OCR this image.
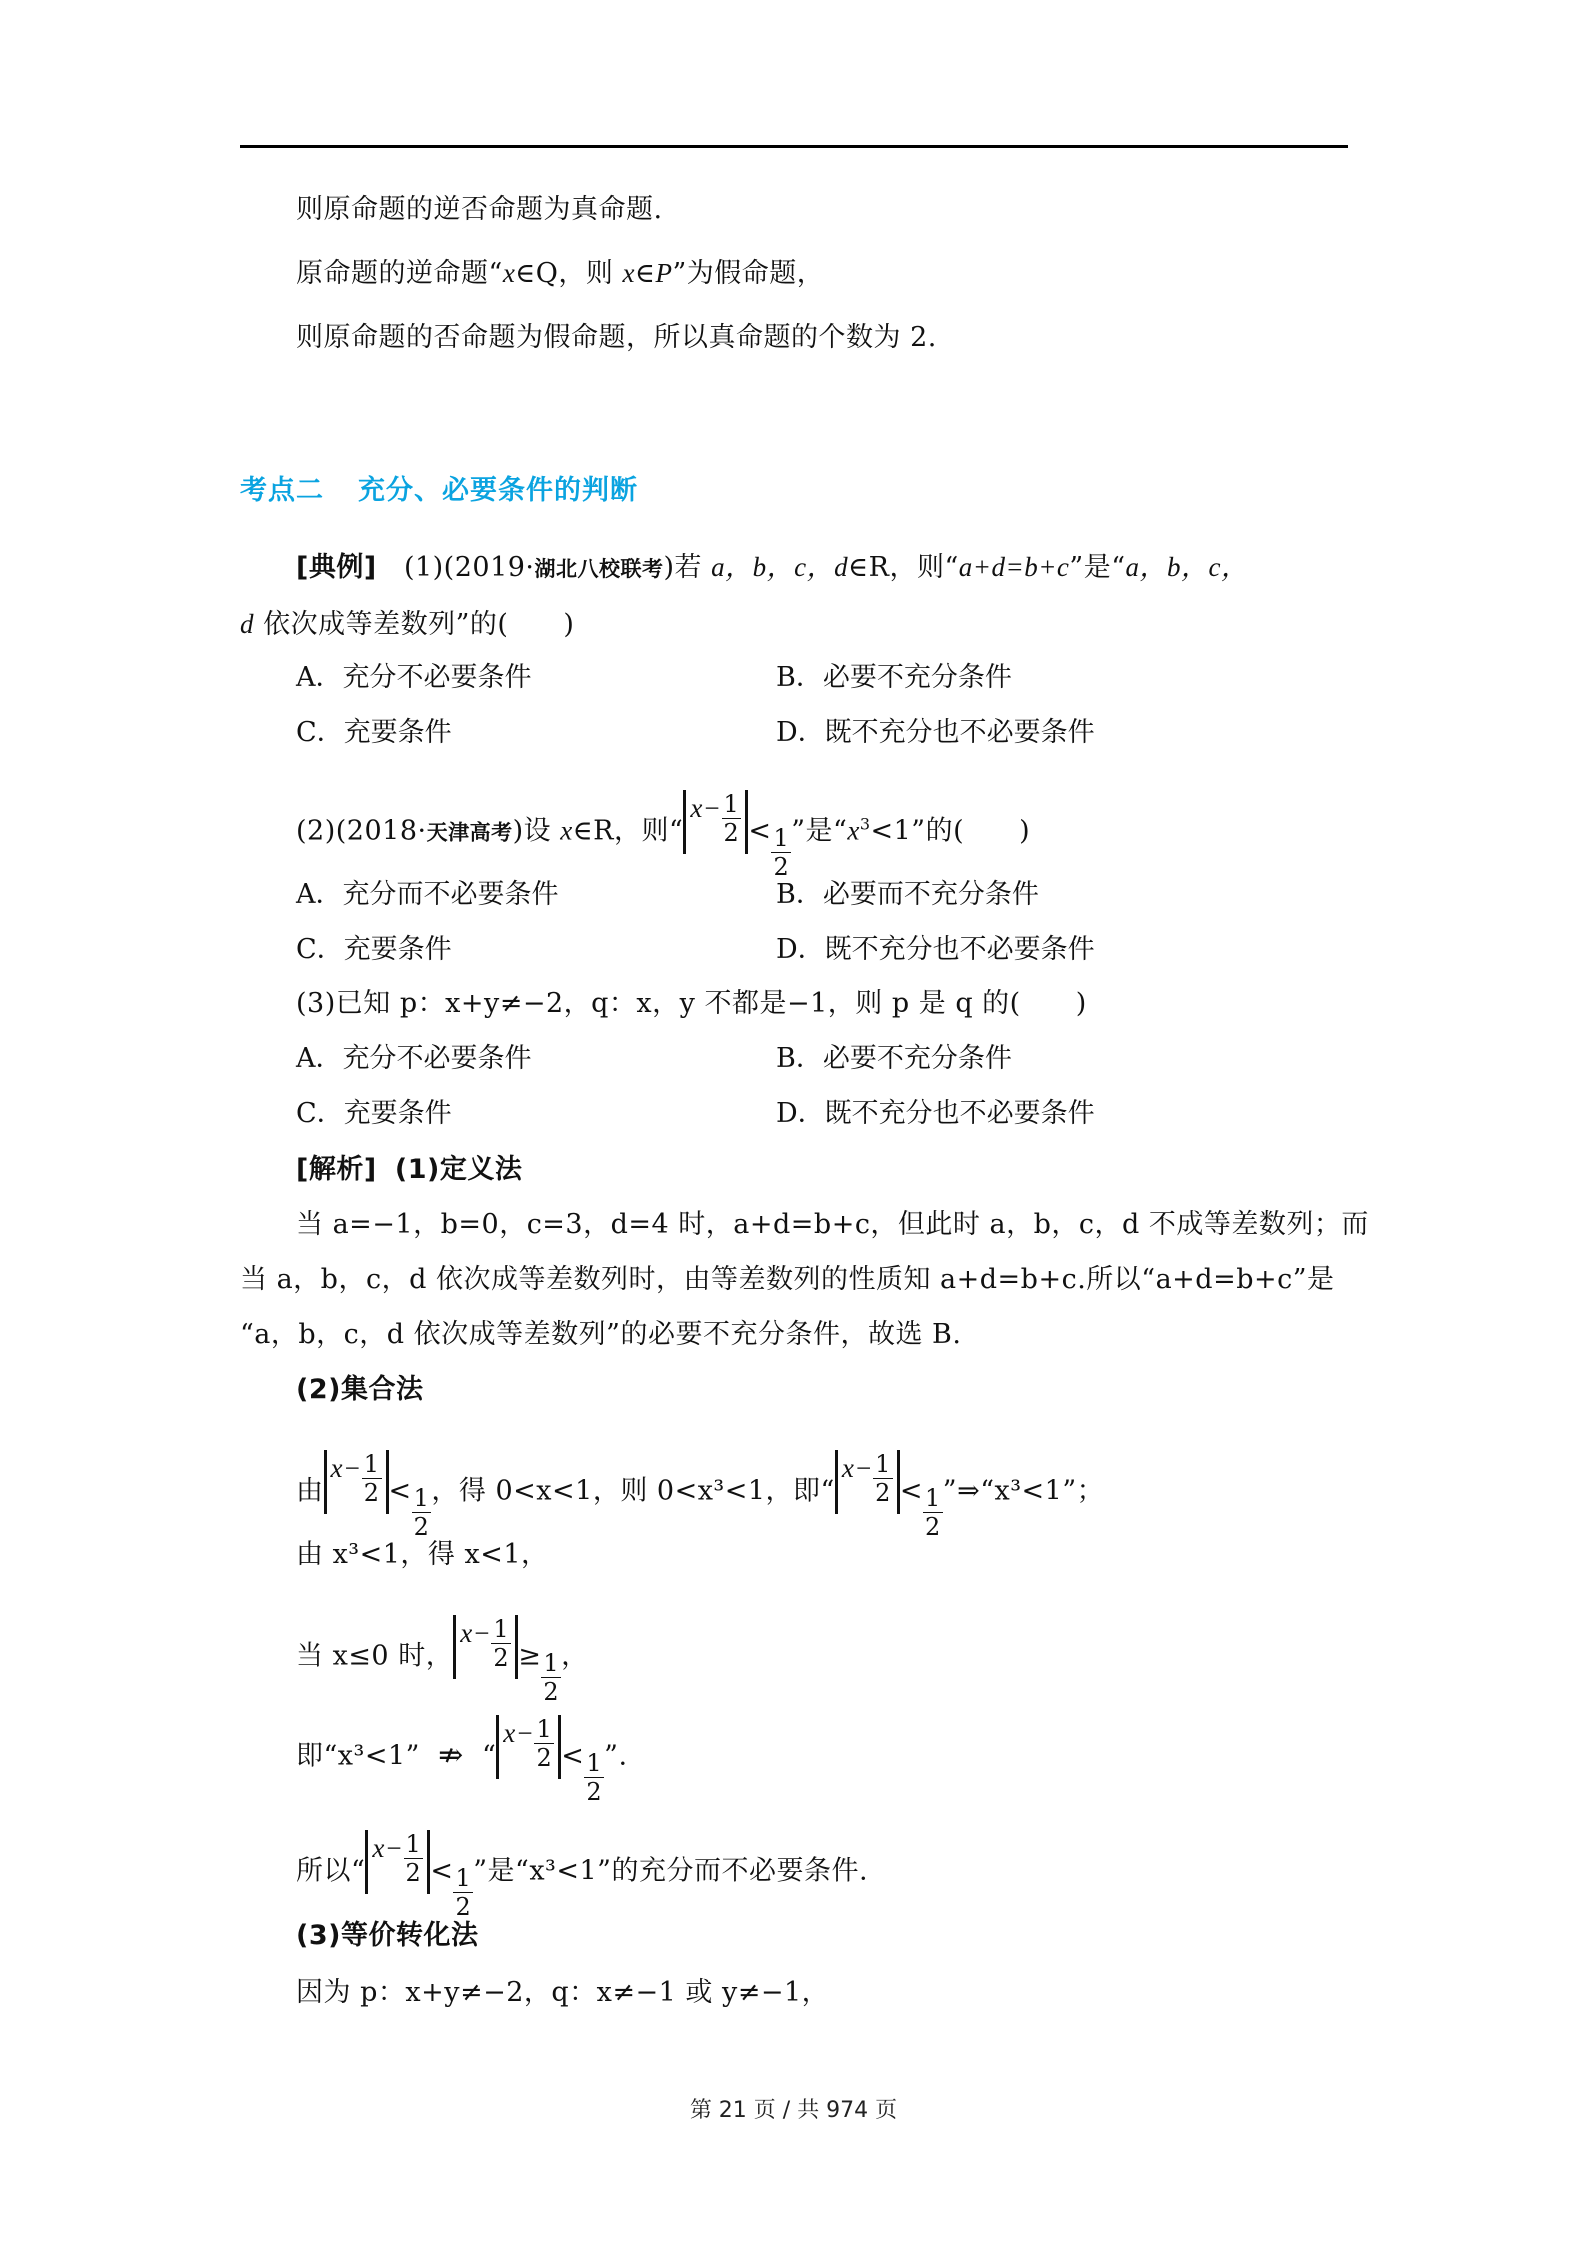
则原命题的逆否命题为真命题.
原命题的逆命题“x∈Q，则 x∈P”为假命题，
则原命题的否命题为假命题，所以真命题的个数为 2.
考点二 充分、必要条件的判断
[典例] (1)(2019·湖北八校联考)若 a，b，c，d∈R，则“a+d=b+c”是“a，b，c，
d 依次成等差数列”的(　　)
A．充分不必要条件	B．必要不充分条件
C．充要条件	D．既不充分也不必要条件
(2)(2018·天津高考)设 x∈R，则“
$x- \frac{1}{2} < \frac{1}{2}$ ”是“$x^3<1$”的(　　)
A．充分而不必要条件	B．必要而不充分条件
C．充要条件	D．既不充分也不必要条件
(3)已知 p：x+y≠−2，q：x，y 不都是−1，则 p 是 q 的(　　)
A．充分不必要条件	B．必要不充分条件
C．充要条件	D．既不充分也不必要条件
[解析] (1)定义法
当 a=−1，b=0，c=3，d=4 时，a+d=b+c，但此时 a，b，c，d 不成等差数列；而
当 a，b，c，d 依次成等差数列时，由等差数列的性质知 a+d=b+c.所以“a+d=b+c”是
“a，b，c，d 依次成等差数列”的必要不充分条件，故选 B.
(2)集合法
由
$x- \frac{1}{2} < \frac{1}{2}$ ，得 0<x<1，则 0<x³<1，即“
$x- \frac{1}{2} < \frac{1}{2}$ ”⇒“x³<1”；
由 x³<1，得 x<1，
当 x≤0 时，
$x- \frac{1}{2} \ge \frac{1}{2}$ ，
即“x³<1” ⇏ “
$x- \frac{1}{2} < \frac{1}{2}$ ”.
所以“
$x- \frac{1}{2} < \frac{1}{2}$ ”是“x³<1”的充分而不必要条件.
(3)等价转化法
因为 p：x+y≠−2，q：x≠−1 或 y≠−1，
第 21 页 / 共 974 页
